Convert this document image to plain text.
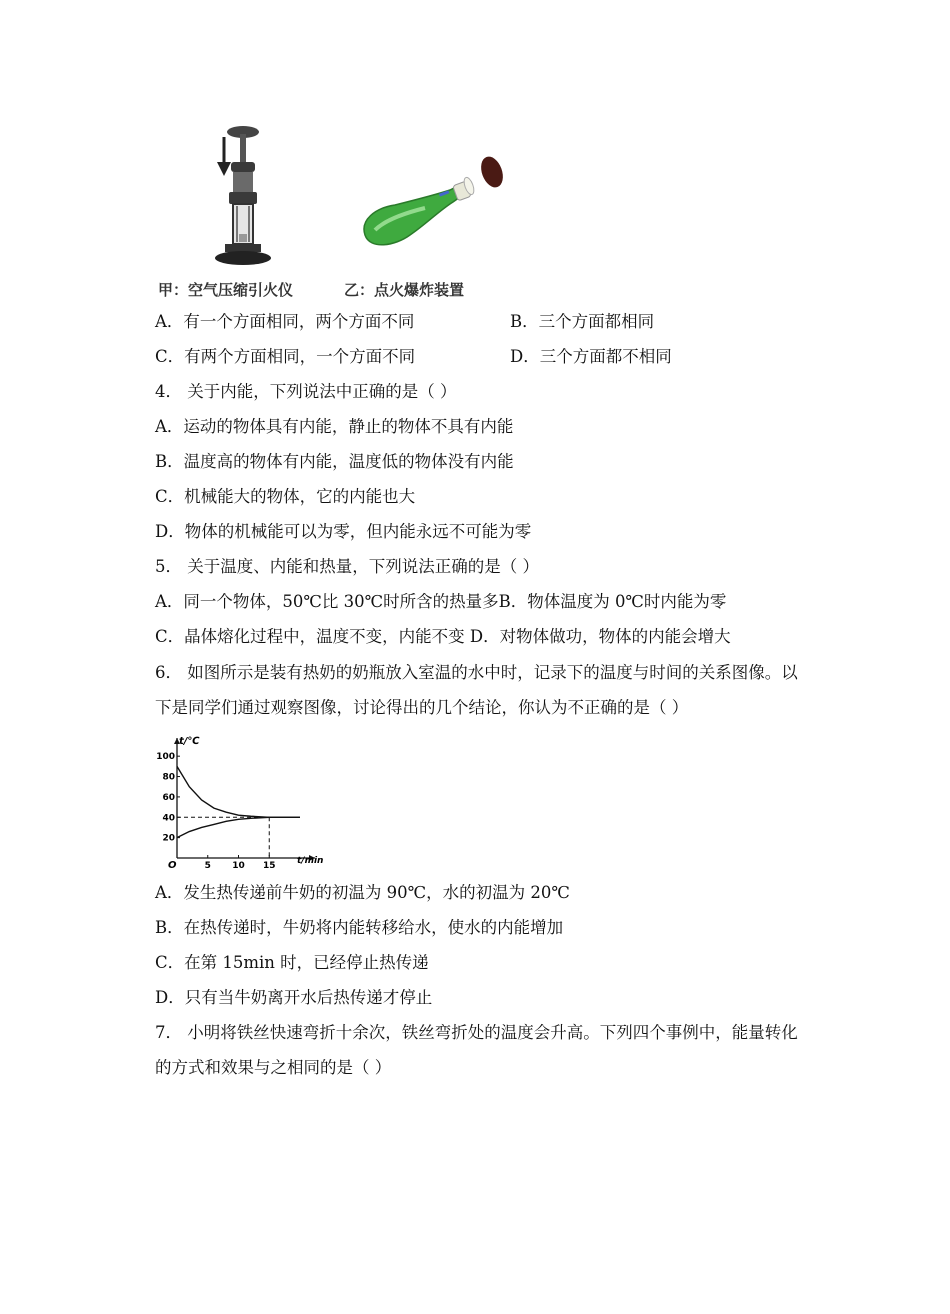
甲：空气压缩引火仪	乙：点火爆炸装置
A．有一个方面相同，两个方面不同	B．三个方面都相同
C．有两个方面相同，一个方面不同	D．三个方面都不相同
4． 关于内能，下列说法中正确的是（ ）
A．运动的物体具有内能，静止的物体不具有内能
B．温度高的物体有内能，温度低的物体没有内能
C．机械能大的物体，它的内能也大
D．物体的机械能可以为零，但内能永远不可能为零
5． 关于温度、内能和热量，下列说法正确的是（ ）
A．同一个物体，50℃比 30℃时所含的热量多B．物体温度为 0℃时内能为零
C．晶体熔化过程中，温度不变，内能不变 D．对物体做功，物体的内能会增大
6． 如图所示是装有热奶的奶瓶放入室温的水中时，记录下的温度与时间的关系图像。以下是同学们通过观察图像，讨论得出的几个结论，你认为不正确的是（ ）
t/℃
t/min
O
20
40
60
80
100
5 10 15
A．发生热传递前牛奶的初温为 90℃，水的初温为 20℃
B．在热传递时，牛奶将内能转移给水，使水的内能增加
C．在第 15min 时，已经停止热传递
D．只有当牛奶离开水后热传递才停止
7． 小明将铁丝快速弯折十余次，铁丝弯折处的温度会升高。下列四个事例中，能量转化的方式和效果与之相同的是（ ）
